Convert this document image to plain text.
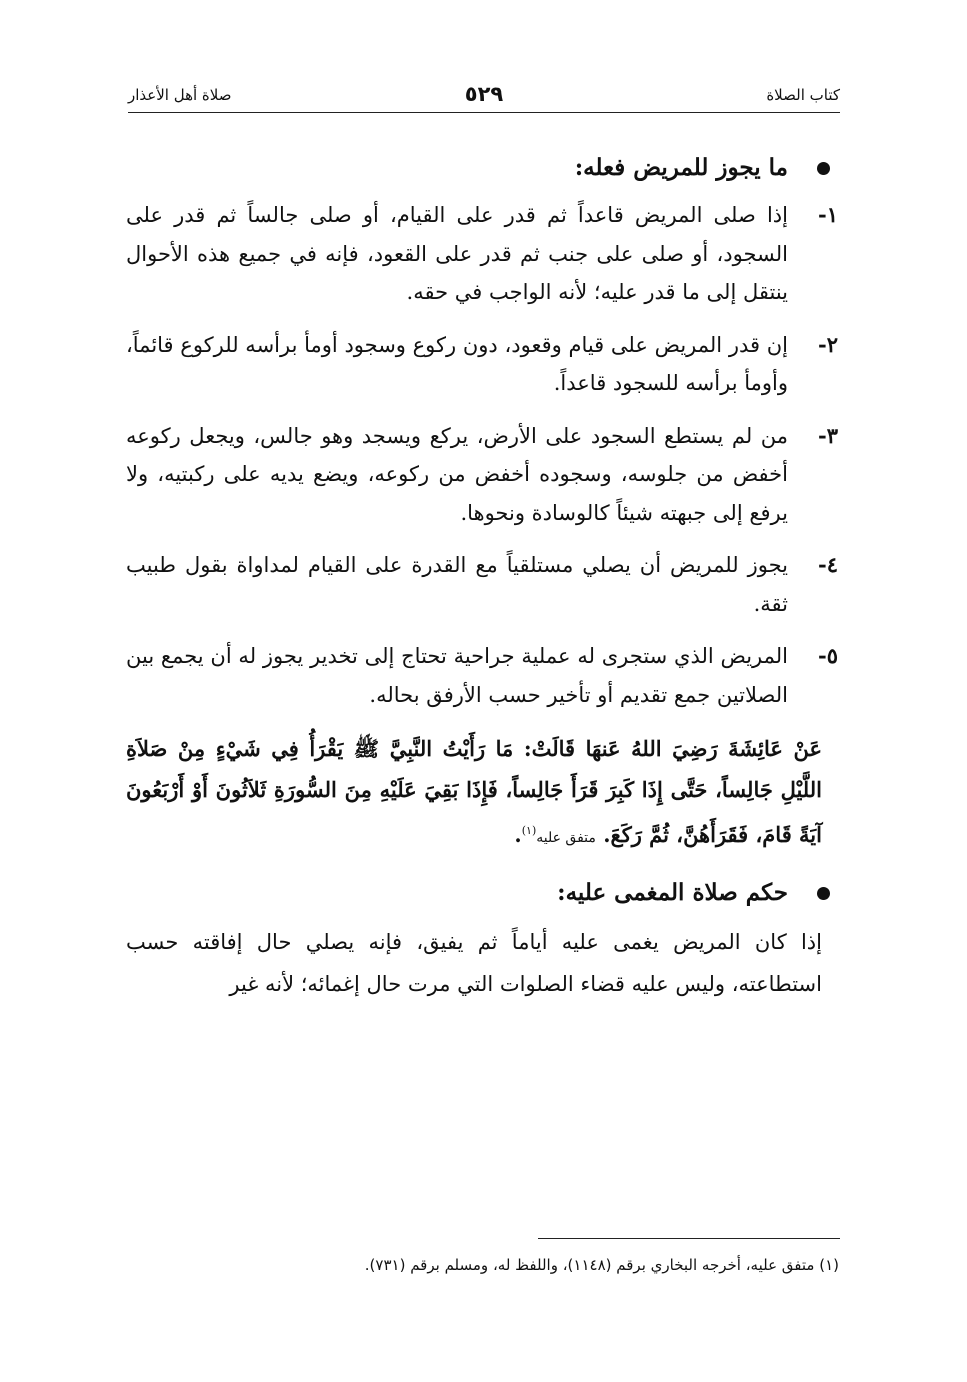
كتاب الصلاة
٥٢٩
صلاة أهل الأعذار
ما يجوز للمريض فعله:
١-
إذا صلى المريض قاعداً ثم قدر على القيام، أو صلى جالساً ثم قدر على السجود، أو صلى على جنب ثم قدر على القعود، فإنه في جميع هذه الأحوال ينتقل إلى ما قدر عليه؛ لأنه الواجب في حقه.
٢-
إن قدر المريض على قيام وقعود، دون ركوع وسجود أومأ برأسه للركوع قائماً، وأومأ برأسه للسجود قاعداً.
٣-
من لم يستطع السجود على الأرض، يركع ويسجد وهو جالس، ويجعل ركوعه أخفض من جلوسه، وسجوده أخفض من ركوعه، ويضع يديه على ركبتيه، ولا يرفع إلى جبهته شيئاً كالوسادة ونحوها.
٤-
يجوز للمريض أن يصلي مستلقياً مع القدرة على القيام لمداواة بقول طبيب ثقة.
٥-
المريض الذي ستجرى له عملية جراحية تحتاج إلى تخدير يجوز له أن يجمع بين الصلاتين جمع تقديم أو تأخير حسب الأرفق بحاله.

عَنْ عَائِشَةَ رَضِيَ اللهُ عَنهَا قَالَتْ: مَا رَأَيْتُ النَّبِيَّ ﷺ يَقْرَأُ فِي شَيْءٍ مِنْ صَلاَةِ اللَّيْلِ جَالِساً، حَتَّى إِذَا كَبِرَ قَرَأَ جَالِساً، فَإِذَا بَقِيَ عَلَيْهِ مِنَ السُّورَةِ ثَلاَثُونَ أَوْ أَرْبَعُونَ آيَةً قَامَ، فَقَرَأَهُنَّ، ثُمَّ رَكَعَ. متفق عليه$^{(١)}$.

حكم صلاة المغمى عليه:

إذا كان المريض يغمى عليه أياماً ثم يفيق، فإنه يصلي حال إفاقته حسب استطاعته، وليس عليه قضاء الصلوات التي مرت حال إغمائه؛ لأنه غير

(١) متفق عليه، أخرجه البخاري برقم (١١٤٨)، واللفظ له، ومسلم برقم (٧٣١).
